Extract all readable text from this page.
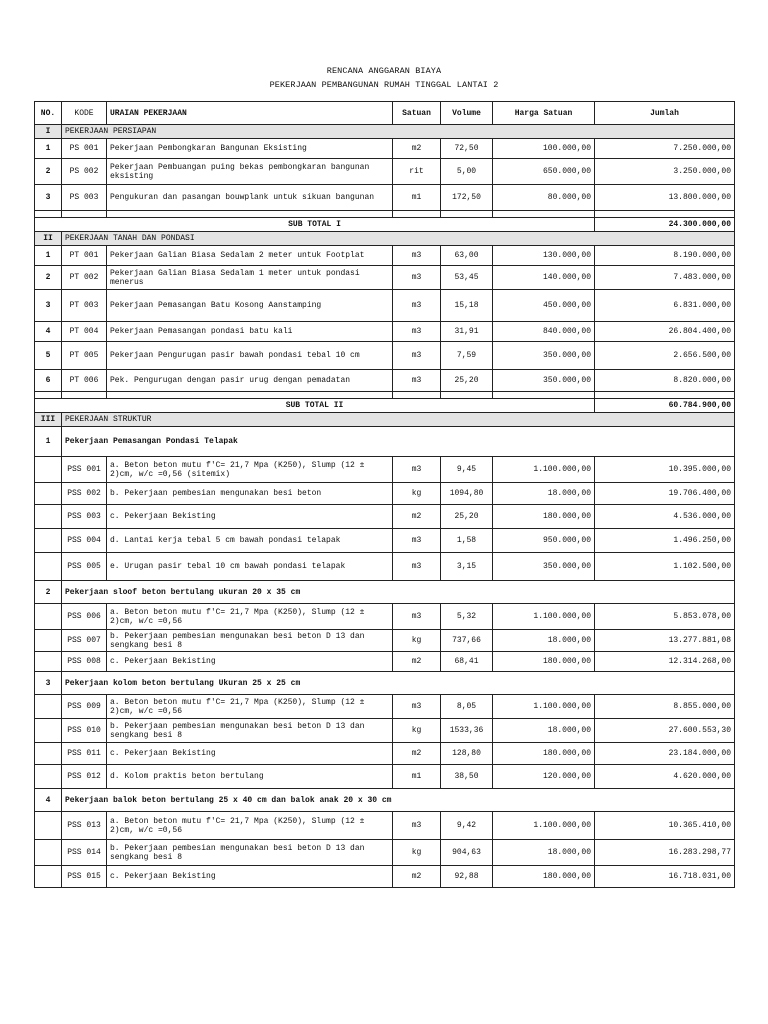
RENCANA ANGGARAN BIAYA
PEKERJAAN PEMBANGUNAN RUMAH TINGGAL LANTAI 2
NO.	KODE	URAIAN PEKERJAAN	Satuan	Volume	Harga Satuan	Jumlah
I	PEKERJAAN PERSIAPAN					
1	PS 001	Pekerjaan Pembongkaran Bangunan Eksisting	m2	72,50	100.000,00	7.250.000,00
2	PS 002	Pekerjaan Pembuangan puing bekas pembongkaran bangunan eksisting	rit	5,00	650.000,00	3.250.000,00
3	PS 003	Pengukuran dan pasangan bouwplank untuk sikuan bangunan	m1	172,50	80.000,00	13.800.000,00

SUB TOTAL I						24.300.000,00
II	PEKERJAAN TANAH DAN PONDASI					
1	PT 001	Pekerjaan Galian Biasa Sedalam 2 meter untuk Footplat	m3	63,00	130.000,00	8.190.000,00
2	PT 002	Pekerjaan Galian Biasa Sedalam 1 meter untuk pondasi menerus	m3	53,45	140.000,00	7.483.000,00
3	PT 003	Pekerjaan Pemasangan Batu Kosong Aanstamping	m3	15,18	450.000,00	6.831.000,00
4	PT 004	Pekerjaan Pemasangan pondasi batu kali	m3	31,91	840.000,00	26.804.400,00
5	PT 005	Pekerjaan Pengurugan pasir bawah pondasi tebal 10 cm	m3	7,59	350.000,00	2.656.500,00
6	PT 006	Pek. Pengurugan dengan pasir urug dengan pemadatan	m3	25,20	350.000,00	8.820.000,00

SUB TOTAL II						60.784.900,00
III	PEKERJAAN STRUKTUR					
1	Pekerjaan Pemasangan Pondasi Telapak					
	PSS 001	a. Beton beton mutu f'C= 21,7 Mpa (K250), Slump (12 ± 2)cm, w/c =0,56 (sitemix)	m3	9,45	1.100.000,00	10.395.000,00
	PSS 002	b. Pekerjaan pembesian mengunakan besi beton	kg	1094,80	18.000,00	19.706.400,00
	PSS 003	c. Pekerjaan Bekisting	m2	25,20	180.000,00	4.536.000,00
	PSS 004	d. Lantai kerja tebal 5 cm bawah pondasi telapak	m3	1,58	950.000,00	1.496.250,00
	PSS 005	e. Urugan pasir tebal 10 cm bawah pondasi telapak	m3	3,15	350.000,00	1.102.500,00
2	Pekerjaan sloof beton bertulang ukuran 20 x 35 cm					
	PSS 006	a. Beton beton mutu f'C= 21,7 Mpa (K250), Slump (12 ± 2)cm, w/c =0,56	m3	5,32	1.100.000,00	5.853.078,00
	PSS 007	b. Pekerjaan pembesian mengunakan besi beton D 13 dan sengkang besi 8	kg	737,66	18.000,00	13.277.881,08
	PSS 008	c. Pekerjaan Bekisting	m2	68,41	180.000,00	12.314.268,00
3	Pekerjaan kolom beton bertulang Ukuran 25 x 25 cm					
	PSS 009	a. Beton beton mutu f'C= 21,7 Mpa (K250), Slump (12 ± 2)cm, w/c =0,56	m3	8,05	1.100.000,00	8.855.000,00
	PSS 010	b. Pekerjaan pembesian mengunakan besi beton D 13 dan sengkang besi 8	kg	1533,36	18.000,00	27.600.553,30
	PSS 011	c. Pekerjaan Bekisting	m2	128,80	180.000,00	23.184.000,00
	PSS 012	d. Kolom praktis beton bertulang	m1	38,50	120.000,00	4.620.000,00
4	Pekerjaan balok beton bertulang 25 x 40 cm dan balok anak 20 x 30 cm					
	PSS 013	a. Beton beton mutu f'C= 21,7 Mpa (K250), Slump (12 ± 2)cm, w/c =0,56	m3	9,42	1.100.000,00	10.365.410,00
	PSS 014	b. Pekerjaan pembesian mengunakan besi beton D 13 dan sengkang besi 8	kg	904,63	18.000,00	16.283.298,77
	PSS 015	c. Pekerjaan Bekisting	m2	92,88	180.000,00	16.718.031,00
